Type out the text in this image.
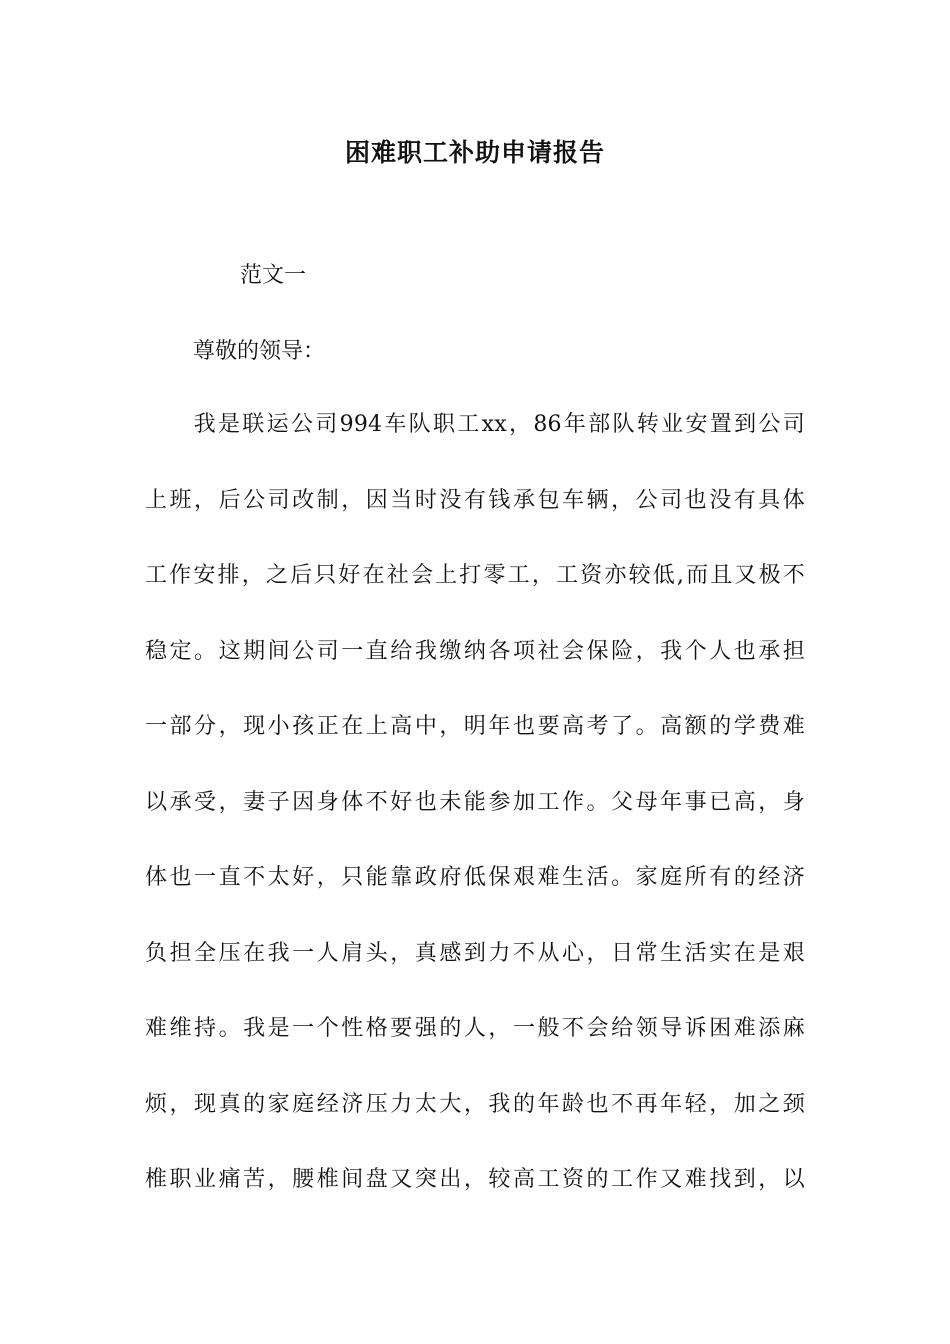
困难职工补助申请报告
范文一
尊敬的领导：
　　我是联运公司994车队职工xx，86年部队转业安置到公司
上班，后公司改制，因当时没有钱承包车辆，公司也没有具体
工作安排，之后只好在社会上打零工，工资亦较低,而且又极不
稳定。这期间公司一直给我缴纳各项社会保险，我个人也承担
一部分，现小孩正在上高中，明年也要高考了。高额的学费难
以承受，妻子因身体不好也未能参加工作。父母年事已高，身
体也一直不太好，只能靠政府低保艰难生活。家庭所有的经济
负担全压在我一人肩头，真感到力不从心，日常生活实在是艰
难维持。我是一个性格要强的人，一般不会给领导诉困难添麻
烦，现真的家庭经济压力太大，我的年龄也不再年轻，加之颈
椎职业痛苦，腰椎间盘又突出，较高工资的工作又难找到，以
